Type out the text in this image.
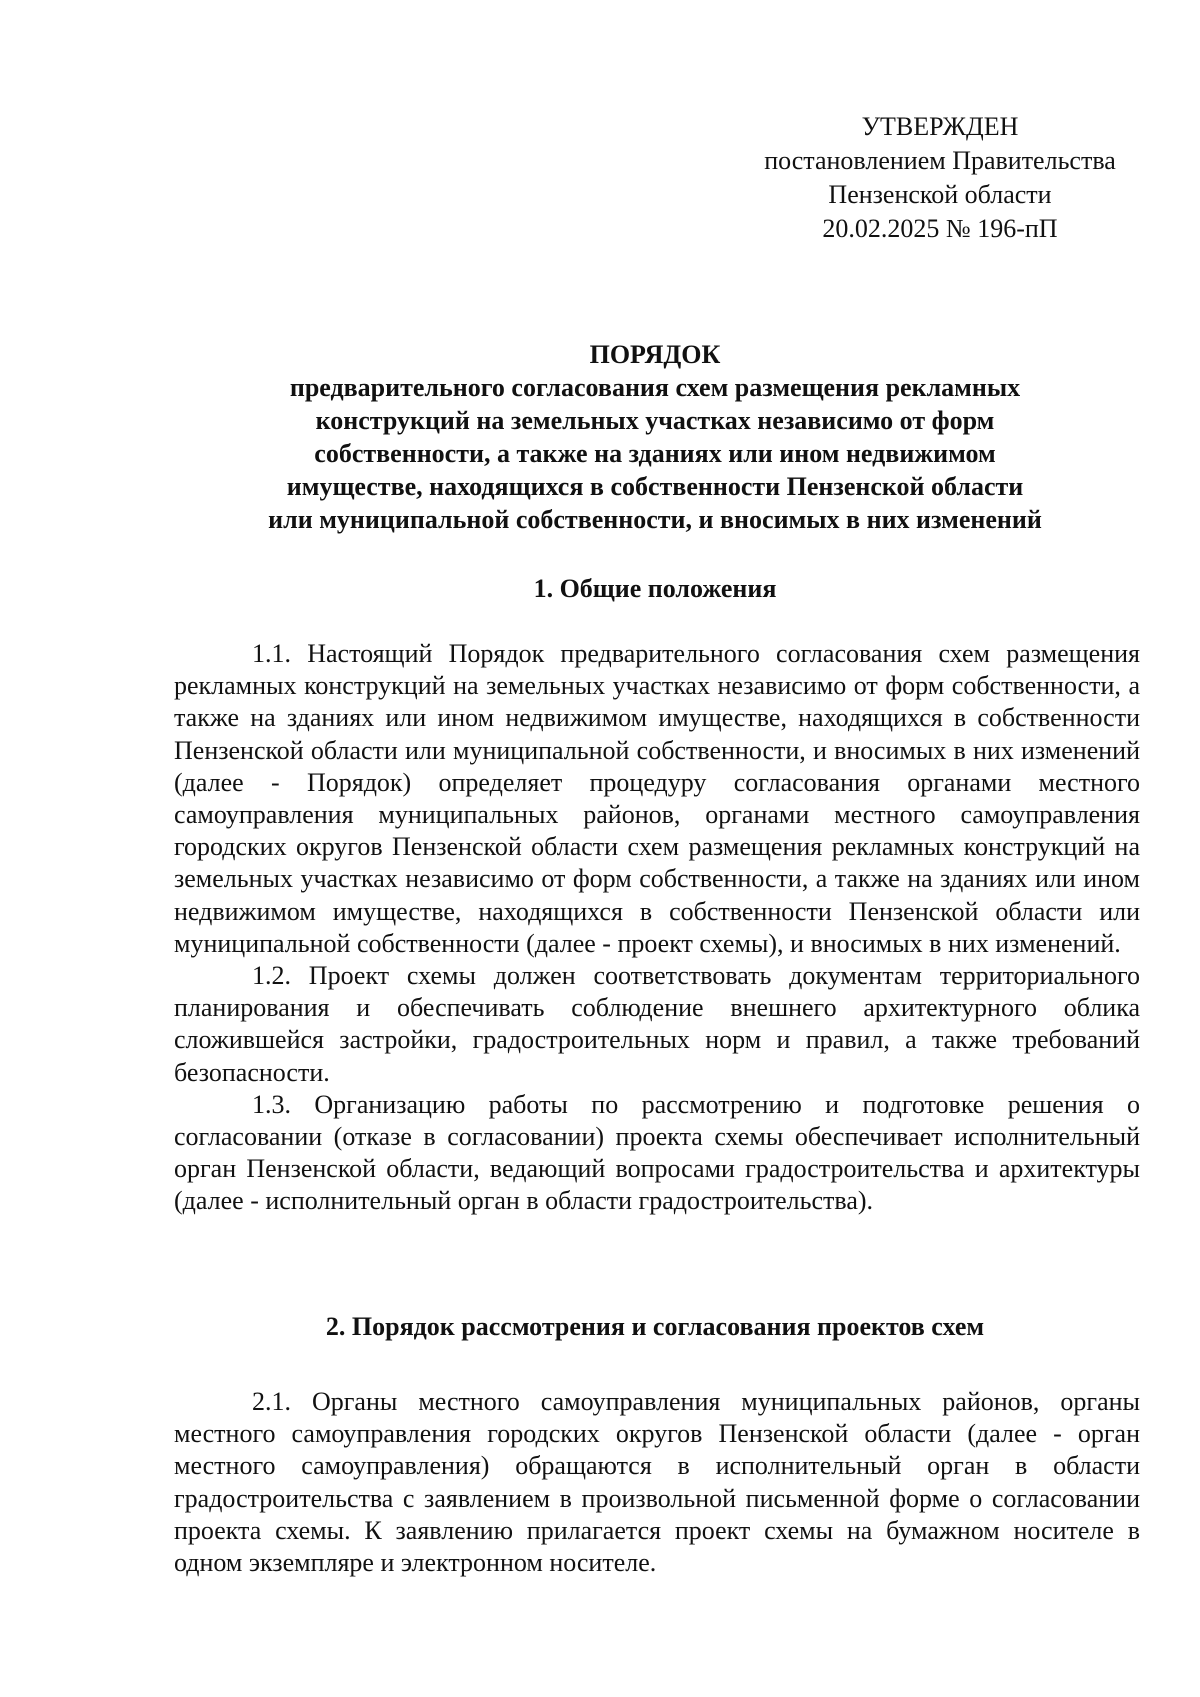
УТВЕРЖДЕН
постановлением Правительства
Пензенской области
20.02.2025 № 196-пП
ПОРЯДОК
предварительного согласования схем размещения рекламных
конструкций на земельных участках независимо от форм
собственности, а также на зданиях или ином недвижимом
имуществе, находящихся в собственности Пензенской области
или муниципальной собственности, и вносимых в них изменений
1. Общие положения

1.1. Настоящий Порядок предварительного согласования схем размещения рекламных конструкций на земельных участках независимо от форм собственности, а также на зданиях или ином недвижимом имуществе, находящихся в собственности Пензенской области или муниципальной собственности, и вносимых в них изменений (далее - Порядок) определяет процедуру согласования органами местного самоуправления муниципальных районов, органами местного самоуправления городских округов Пензенской области схем размещения рекламных конструкций на земельных участках независимо от форм собственности, а также на зданиях или ином недвижимом имуществе, находящихся в собственности Пензенской области или муниципальной собственности (далее - проект схемы), и вносимых в них изменений.

1.2. Проект схемы должен соответствовать документам территориального планирования и обеспечивать соблюдение внешнего архитектурного облика сложившейся застройки, градостроительных норм и правил, а также требований безопасности.

1.3. Организацию работы по рассмотрению и подготовке решения о согласовании (отказе в согласовании) проекта схемы обеспечивает исполнительный орган Пензенской области, ведающий вопросами градостроительства и архитектуры (далее - исполнительный орган в области градостроительства).

2. Порядок рассмотрения и согласования проектов схем

2.1. Органы местного самоуправления муниципальных районов, органы местного самоуправления городских округов Пензенской области (далее - орган местного самоуправления) обращаются в исполнительный орган в области градостроительства с заявлением в произвольной письменной форме о согласовании проекта схемы. К заявлению прилагается проект схемы на бумажном носителе в одном экземпляре и электронном носителе.
